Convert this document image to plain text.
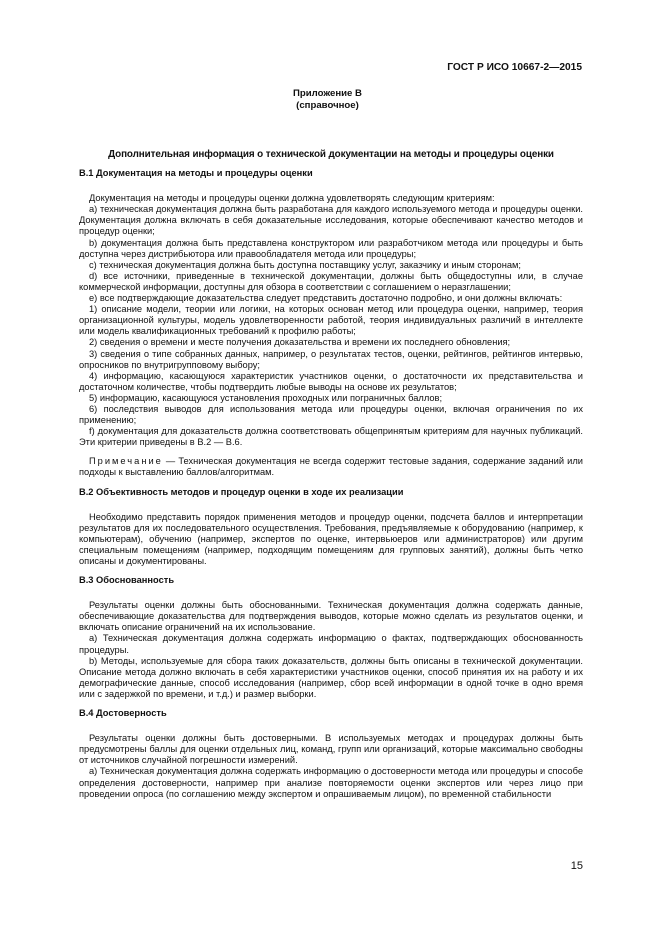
ГОСТ Р ИСО 10667-2—2015
Приложение В
(справочное)
Дополнительная информация о технической документации на методы и процедуры оценки
В.1 Документация на методы и процедуры оценки

Документация на методы и процедуры оценки должна удовлетворять следующим критериям:

a) техническая документация должна быть разработана для каждого используемого метода и процедуры оценки. Документация должна включать в себя доказательные исследования, которые обеспечивают качество методов и процедур оценки;

b) документация должна быть представлена конструктором или разработчиком метода или процедуры и быть доступна через дистрибьютора или правообладателя метода или процедуры;

c) техническая документация должна быть доступна поставщику услуг, заказчику и иным сторонам;

d) все источники, приведенные в технической документации, должны быть общедоступны или, в случае коммерческой информации, доступны для обзора в соответствии с соглашением о неразглашении;

e) все подтверждающие доказательства следует представить достаточно подробно, и они должны включать:

1) описание модели, теории или логики, на которых основан метод или процедура оценки, например, теория организационной культуры, модель удовлетворенности работой, теория индивидуальных различий в интеллекте или модель квалификационных требований к профилю работы;

2) сведения о времени и месте получения доказательства и времени их последнего обновления;

3) сведения о типе собранных данных, например, о результатах тестов, оценки, рейтингов, рейтингов интервью, опросников по внутригрупповому выбору;

4) информацию, касающуюся характеристик участников оценки, о достаточности их представительства и достаточном количестве, чтобы подтвердить любые выводы на основе их результатов;

5) информацию, касающуюся установления проходных или пограничных баллов;

6) последствия выводов для использования метода или процедуры оценки, включая ограничения по их применению;

f) документация для доказательств должна соответствовать общепринятым критериям для научных публикаций. Эти критерии приведены в В.2 — В.6.

Примечание — Техническая документация не всегда содержит тестовые задания, содержание заданий или подходы к выставлению баллов/алгоритмам.

В.2 Объективность методов и процедур оценки в ходе их реализации

Необходимо представить порядок применения методов и процедур оценки, подсчета баллов и интерпретации результатов для их последовательного осуществления. Требования, предъявляемые к оборудованию (например, к компьютерам), обучению (например, экспертов по оценке, интервьюеров или администраторов) или другим специальным помещениям (например, подходящим помещениям для групповых занятий), должны быть четко описаны и документированы.

В.3 Обоснованность

Результаты оценки должны быть обоснованными. Техническая документация должна содержать данные, обеспечивающие доказательства для подтверждения выводов, которые можно сделать из результатов оценки, и включать описание ограничений на их использование.

a) Техническая документация должна содержать информацию о фактах, подтверждающих обоснованность процедуры.

b) Методы, используемые для сбора таких доказательств, должны быть описаны в технической документации. Описание метода должно включать в себя характеристики участников оценки, способ принятия их на работу и их демографические данные, способ исследования (например, сбор всей информации в одной точке в одно время или с задержкой по времени, и т.д.) и размер выборки.

В.4 Достоверность

Результаты оценки должны быть достоверными. В используемых методах и процедурах должны быть предусмотрены баллы для оценки отдельных лиц, команд, групп или организаций, которые максимально свободны от источников случайной погрешности измерений.

a) Техническая документация должна содержать информацию о достоверности метода или процедуры и способе определения достоверности, например при анализе повторяемости оценки экспертов или через лицо при проведении опроса (по соглашению между экспертом и опрашиваемым лицом), по временной стабильности

15
